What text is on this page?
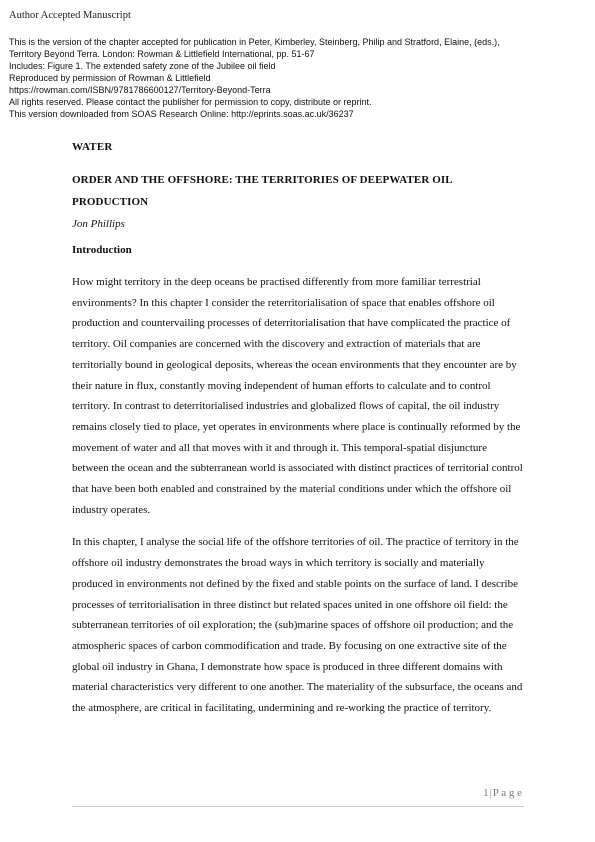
Author Accepted Manuscript
This is the version of the chapter accepted for publication in Peter, Kimberley, Steinberg, Philip and Stratford, Elaine, (eds.),
Territory Beyond Terra. London: Rowman & Littlefield International, pp. 51-67
Includes: Figure 1. The extended safety zone of the Jubilee oil field
Reproduced by permission of Rowman & Littlefield
https://rowman.com/ISBN/9781786600127/Territory-Beyond-Terra
All rights reserved. Please contact the publisher for permission to copy, distribute or reprint.
This version downloaded from SOAS Research Online: http://eprints.soas.ac.uk/36237
WATER
ORDER AND THE OFFSHORE: THE TERRITORIES OF DEEPWATER OIL
PRODUCTION
Jon Phillips
Introduction

How might territory in the deep oceans be practised differently from more familiar terrestrial environments? In this chapter I consider the reterritorialisation of space that enables offshore oil production and countervailing processes of deterritorialisation that have complicated the practice of territory. Oil companies are concerned with the discovery and extraction of materials that are territorially bound in geological deposits, whereas the ocean environments that they encounter are by their nature in flux, constantly moving independent of human efforts to calculate and to control territory. In contrast to deterritorialised industries and globalized flows of capital, the oil industry remains closely tied to place, yet operates in environments where place is continually reformed by the movement of water and all that moves with it and through it. This temporal-spatial disjuncture between the ocean and the subterranean world is associated with distinct practices of territorial control that have been both enabled and constrained by the material conditions under which the offshore oil industry operates.

In this chapter, I analyse the social life of the offshore territories of oil. The practice of territory in the offshore oil industry demonstrates the broad ways in which territory is socially and materially produced in environments not defined by the fixed and stable points on the surface of land. I describe processes of territorialisation in three distinct but related spaces united in one offshore oil field: the subterranean territories of oil exploration; the (sub)marine spaces of offshore oil production; and the atmospheric spaces of carbon commodification and trade. By focusing on one extractive site of the global oil industry in Ghana, I demonstrate how space is produced in three different domains with material characteristics very different to one another. The materiality of the subsurface, the oceans and the atmosphere, are critical in facilitating, undermining and re-working the practice of territory.

1|P a g e
